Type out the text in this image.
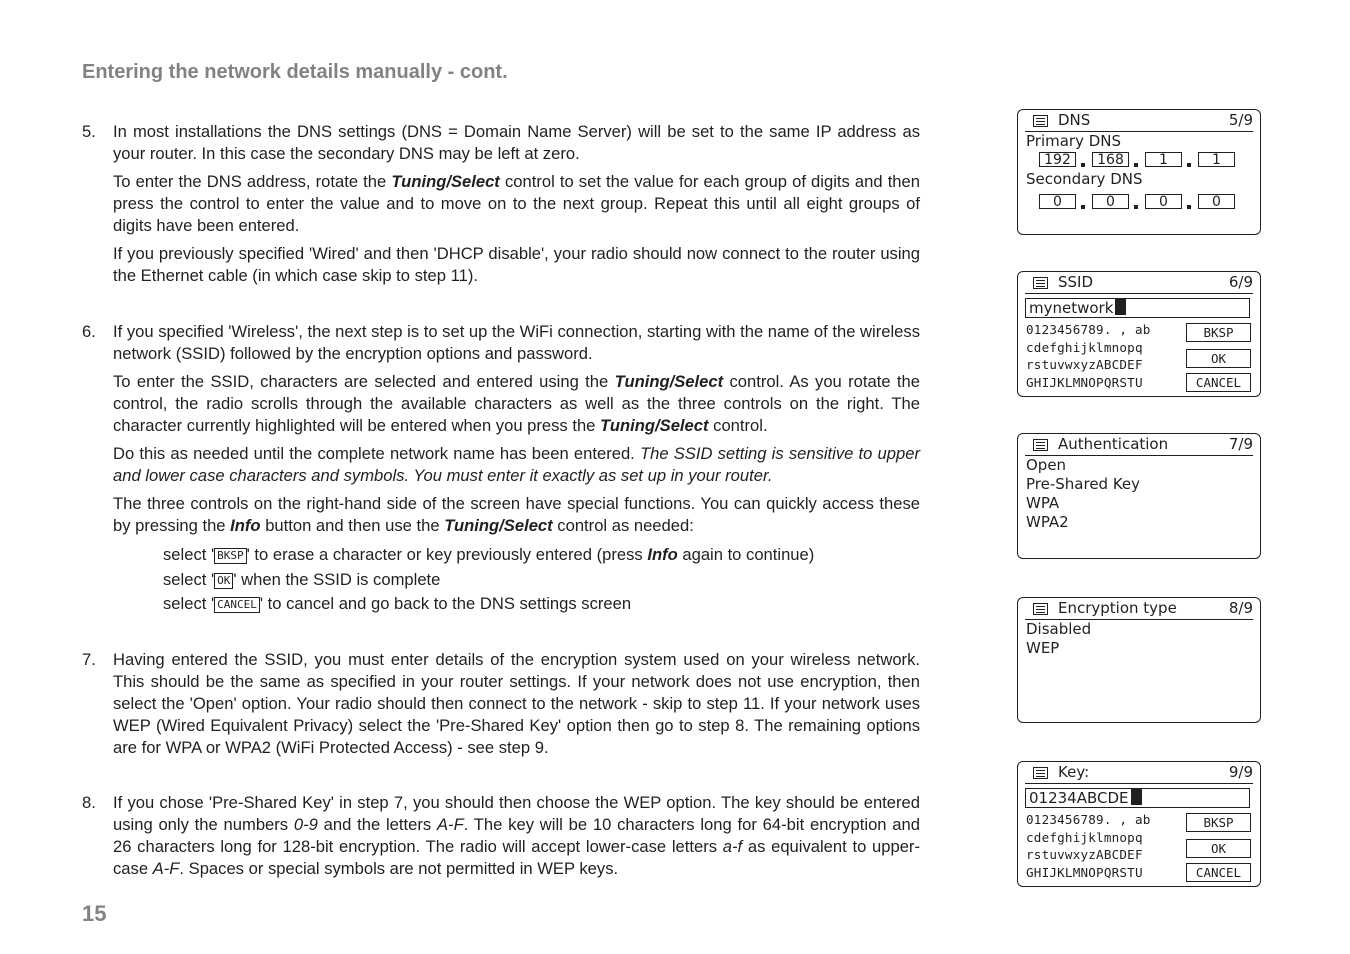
Entering the network details manually - cont.
5. In most installations the DNS settings (DNS = Domain Name Server) will be set to the same IP address as your router. In this case the secondary DNS may be left at zero.

To enter the DNS address, rotate the Tuning/Select control to set the value for each group of digits and then press the control to enter the value and to move on to the next group. Repeat this until all eight groups of digits have been entered.

If you previously specified 'Wired' and then 'DHCP disable', your radio should now connect to the router using the Ethernet cable (in which case skip to step 11).

6. If you specified 'Wireless', the next step is to set up the WiFi connection, starting with the name of the wireless network (SSID) followed by the encryption options and password.

To enter the SSID, characters are selected and entered using the Tuning/Select control. As you rotate the control, the radio scrolls through the available characters as well as the three controls on the right. The character currently highlighted will be entered when you press the Tuning/Select control.

Do this as needed until the complete network name has been entered. The SSID setting is sensitive to upper and lower case characters and symbols. You must enter it exactly as set up in your router.

The three controls on the right-hand side of the screen have special functions. You can quickly access these by pressing the Info button and then use the Tuning/Select control as needed:

select ' BKSP ' to erase a character or key previously entered (press Info again to continue)
select ' OK ' when the SSID is complete
select ' CANCEL ' to cancel and go back to the DNS settings screen
7. Having entered the SSID, you must enter details of the encryption system used on your wireless network. This should be the same as specified in your router settings. If your network does not use encryption, then select the 'Open' option. Your radio should then connect to the network - skip to step 11. If your network uses WEP (Wired Equivalent Privacy) select the 'Pre-Shared Key' option then go to step 8. The remaining options are for WPA or WPA2 (WiFi Protected Access) - see step 9.

8. If you chose 'Pre-Shared Key' in step 7, you should then choose the WEP option. The key should be entered using only the numbers 0-9 and the letters A-F. The key will be 10 characters long for 64-bit encryption and 26 characters long for 128-bit encryption. The radio will accept lower-case letters a-f as equivalent to upper-case A-F. Spaces or special symbols are not permitted in WEP keys.

15
DNS	5/9
Primary DNS
192	168	1	1
Secondary DNS
0	0	0	0
SSID	6/9
mynetwork
0123456789. , ab
cdefghijklmnopq
rstuvwxyzABCDEF
GHIJKLMNOPQRSTU
BKSP
OK
CANCEL
Authentication	7/9
Open
Pre-Shared Key
WPA
WPA2
Encryption type	8/9
Disabled
WEP
Key:	9/9
01234ABCDE
0123456789. , ab
cdefghijklmnopq
rstuvwxyzABCDEF
GHIJKLMNOPQRSTU
BKSP
OK
CANCEL
